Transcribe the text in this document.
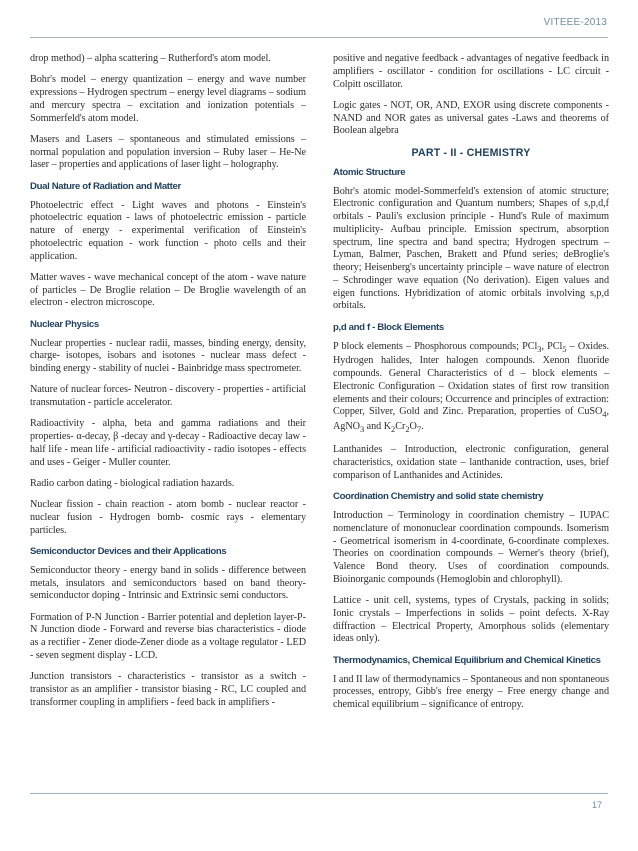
VITEEE-2013

drop method) – alpha scattering – Rutherford's atom model.

Bohr's model – energy quantization – energy and wave number expressions – Hydrogen spectrum – energy level diagrams – sodium and mercury spectra – excitation and ionization potentials – Sommerfeld's atom model.

Masers and Lasers – spontaneous and stimulated emissions – normal population and population inversion – Ruby laser – He-Ne laser – properties and applications of laser light – holography.

Dual Nature of Radiation and Matter

Photoelectric effect - Light waves and photons - Einstein's photoelectric equation - laws of photoelectric emission - particle nature of energy - experimental verification of Einstein's photoelectric equation - work function - photo cells and their application.

Matter waves - wave mechanical concept of the atom - wave nature of particles – De Broglie relation – De Broglie wavelength of an electron - electron microscope.

Nuclear Physics

Nuclear properties - nuclear radii, masses, binding energy, density, charge- isotopes, isobars and isotones - nuclear mass defect - binding energy - stability of nuclei - Bainbridge mass spectrometer.

Nature of nuclear forces- Neutron - discovery - properties - artificial transmutation - particle accelerator.

Radioactivity - alpha, beta and gamma radiations and their properties- α-decay, β -decay and γ-decay - Radioactive decay law - half life - mean life - artificial radioactivity - radio isotopes - effects and uses - Geiger - Muller counter.

Radio carbon dating - biological radiation hazards.

Nuclear fission - chain reaction - atom bomb - nuclear reactor - nuclear fusion - Hydrogen bomb- cosmic rays - elementary particles.

Semiconductor Devices and their Applications

Semiconductor theory - energy band in solids - difference between metals, insulators and semiconductors based on band theory- semiconductor doping - Intrinsic and Extrinsic semi conductors.

Formation of P-N Junction - Barrier potential and depletion layer-P-N Junction diode - Forward and reverse bias characteristics - diode as a rectifier - Zener diode-Zener diode as a voltage regulator - LED - seven segment display - LCD.

Junction transistors - characteristics - transistor as a switch - transistor as an amplifier - transistor biasing - RC, LC coupled and transformer coupling in amplifiers - feed back in amplifiers -

positive and negative feedback - advantages of negative feedback in amplifiers - oscillator - condition for oscillations - LC circuit - Colpitt oscillator.

Logic gates - NOT, OR, AND, EXOR using discrete components - NAND and NOR gates as universal gates -Laws and theorems of Boolean algebra

PART - II - CHEMISTRY
Atomic Structure

Bohr's atomic model-Sommerfeld's extension of atomic structure; Electronic configuration and Quantum numbers; Shapes of s,p,d,f orbitals - Pauli's exclusion principle - Hund's Rule of maximum multiplicity- Aufbau principle. Emission spectrum, absorption spectrum, line spectra and band spectra; Hydrogen spectrum – Lyman, Balmer, Paschen, Brakett and Pfund series; deBroglie's theory; Heisenberg's uncertainty principle – wave nature of electron – Schrodinger wave equation (No derivation). Eigen values and eigen functions. Hybridization of atomic orbitals involving s,p,d orbitals.

p,d and f - Block Elements

P block elements – Phosphorous compounds; PCl$_3$, PCl$_5$ – Oxides. Hydrogen halides, Inter halogen compounds. Xenon fluoride compounds. General Characteristics of d – block elements – Electronic Configuration – Oxidation states of first row transition elements and their colours; Occurrence and principles of extraction: Copper, Silver, Gold and Zinc. Preparation, properties of CuSO$_4$, AgNO$_3$ and $K_2Cr_2O_7$.

Lanthanides – Introduction, electronic configuration, general characteristics, oxidation state – lanthanide contraction, uses, brief comparison of Lanthanides and Actinides.

Coordination Chemistry and solid state chemistry

Introduction – Terminology in coordination chemistry – IUPAC nomenclature of mononuclear coordination compounds. Isomerism - Geometrical isomerism in 4-coordinate, 6-coordinate complexes. Theories on coordination compounds – Werner's theory (brief), Valence Bond theory. Uses of coordination compounds. Bioinorganic compounds (Hemoglobin and chlorophyll).

Lattice - unit cell, systems, types of Crystals, packing in solids; Ionic crystals – Imperfections in solids – point defects. X-Ray diffraction – Electrical Property, Amorphous solids (elementary ideas only).

Thermodynamics, Chemical Equilibrium and Chemical Kinetics

I and II law of thermodynamics – Spontaneous and non spontaneous processes, entropy, Gibb's free energy – Free energy change and chemical equilibrium – significance of entropy.

17
